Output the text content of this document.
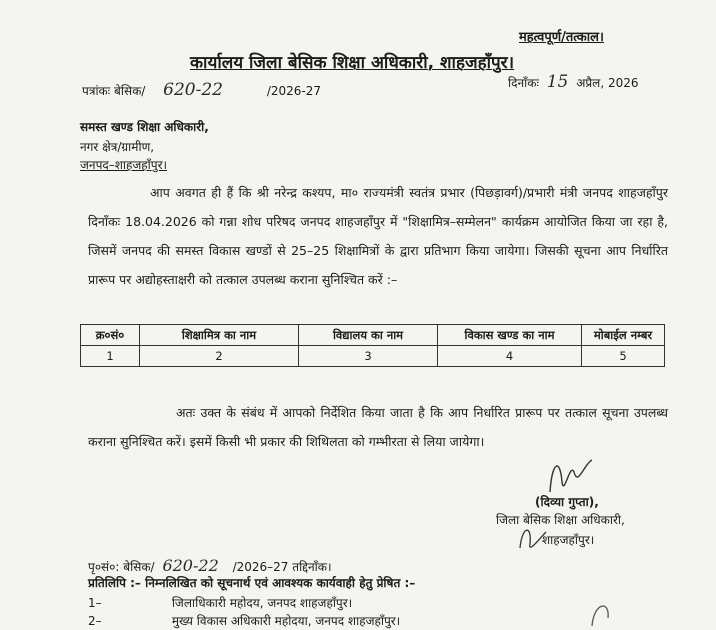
महत्वपूर्ण/तत्काल।
कार्यालय जिला बेसिक शिक्षा अधिकारी, शाहजहाँपुर।
पत्रांकः बेसिक/ 620-22	/2026-27
दिनाँकः 15 अप्रैल, 2026
समस्त खण्ड शिक्षा अधिकारी,
नगर क्षेत्र/ग्रामीण,
जनपद–शाहजहाँपुर।
आप अवगत ही हैं कि श्री नरेन्द्र कश्यप, मा० राज्यमंत्री स्वतंत्र प्रभार (पिछड़ावर्ग)/प्रभारी मंत्री जनपद शाहजहाँपुर दिनाँकः 18.04.2026 को गन्ना शोध परिषद जनपद शाहजहाँपुर में "शिक्षामित्र–सम्मेलन" कार्यक्रम आयोजित किया जा रहा है, जिसमें जनपद की समस्त विकास खण्डों से 25–25 शिक्षामित्रों के द्वारा प्रतिभाग किया जायेगा। जिसकी सूचना आप निर्धारित प्रारूप पर अद्योहस्ताक्षरी को तत्काल उपलब्ध कराना सुनिश्चित करें :–
क्र०सं०	शिक्षामित्र का नाम	विद्यालय का नाम	विकास खण्ड का नाम	मोबाईल नम्बर
1	2	3	4	5
अतः उक्त के संबंध में आपको निर्देशित किया जाता है कि आप निर्धारित प्रारूप पर तत्काल सूचना उपलब्ध कराना सुनिश्चित करें। इसमें किसी भी प्रकार की शिथिलता को गम्भीरता से लिया जायेगा।
(दिव्या गुप्ता),
जिला बेसिक शिक्षा अधिकारी,
शाहजहाँपुर।
पृ०सं०: बेसिक/ 620-22 /2026–27 तद्दिनाँक।
प्रतिलिपि :– निम्नलिखित को सूचनार्थ एवं आवश्यक कार्यवाही हेतु प्रेषित :–
1–	जिलाधिकारी महोदय, जनपद शाहजहाँपुर।
2–	मुख्य विकास अधिकारी महोदया, जनपद शाहजहाँपुर।
